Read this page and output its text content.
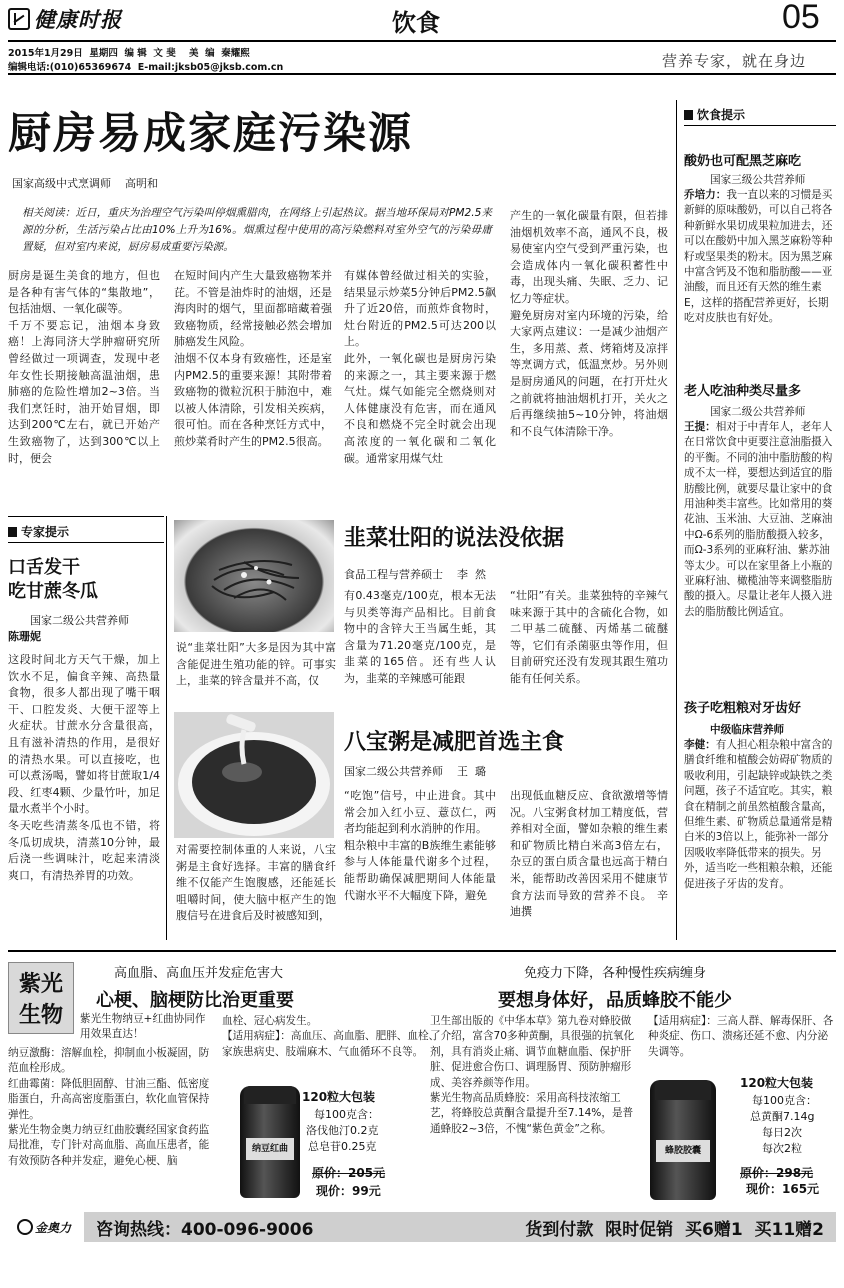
健康时报	饮食	05
2015年1月29日  星期四  编 辑  文 斐    美  编  秦耀熙
编辑电话:(010)65369674  E-mail:jksb05@jksb.com.cn	营养专家，就在身边
厨房易成家庭污染源
国家高级中式烹调师    高明和
相关阅读：近日，重庆为治理空气污染叫停烟熏腊肉，在网络上引起热议。据当地环保局对PM2.5来源的分析，生活污染占比由10%上升为16%。烟熏过程中使用的高污染燃料对室外空气的污染毋庸置疑，但对室内来说，厨房易成重要污染源。
厨房是诞生美食的地方，但也是各种有害气体的“集散地”，包括油烟、一氧化碳等。
千万不要忘记，油烟本身致癌！上海同济大学肿瘤研究所曾经做过一项调查，发现中老年女性长期接触高温油烟，患肺癌的危险性增加2~3倍。当我们烹饪时，油开始冒烟，即达到200℃左右，就已开始产生致癌物了，达到300℃以上时，便会
在短时间内产生大量致癌物苯并芘。不管是油炸时的油烟，还是海肉时的烟气，里面都暗藏着强致癌物质，经常接触必然会增加肺癌发生风险。
油烟不仅本身有致癌性，还是室内PM2.5的重要来源！其附带着致癌物的微粒沉积于肺泡中，难以被人体清除，引发相关疾病，很可怕。而在各种烹饪方式中，煎炒菜肴时产生的PM2.5很高。
有媒体曾经做过相关的实验，结果显示炒菜5分钟后PM2.5飙升了近20倍，而煎炸食物时，灶台附近的PM2.5可达200以上。
此外，一氧化碳也是厨房污染的来源之一，其主要来源于燃气灶。煤气如能完全燃烧则对人体健康没有危害，而在通风不良和燃烧不完全时就会出现高浓度的一氧化碳和二氧化碳。通常家用煤气灶
产生的一氧化碳量有限，但若排油烟机效率不高，通风不良，极易使室内空气受到严重污染，也会造成体内一氧化碳积蓄性中毒，出现头痛、失眠、乏力、记忆力等症状。
避免厨房对室内环境的污染，给大家两点建议：一是减少油烟产生，多用蒸、煮、烤箱烤及凉拌等烹调方式，低温烹炒。另外则是厨房通风的问题，在打开灶火之前就将抽油烟机打开，关火之后再继续抽5~10分钟，将油烟和不良气体清除干净。
专家提示
口舌发干
吃甘蔗冬瓜
国家二级公共营养师
陈珊妮
这段时间北方天气干燥，加上饮水不足，偏食辛辣、高热量食物，很多人都出现了嘴干咽干、口腔发炎、大便干涩等上火症状。甘蔗水分含量很高，且有滋补清热的作用，是很好的清热水果。可以直接吃，也可以煮汤喝，譬如将甘蔗取1/4段、红枣4颗、少量竹叶，加足量水煮半个小时。
冬天吃些清蒸冬瓜也不错，将冬瓜切成块，清蒸10分钟，最后浇一些调味汁，吃起来清淡爽口，有清热养胃的功效。
说“韭菜壮阳”大多是因为其中富含能促进生殖功能的锌。可事实上，韭菜的锌含量并不高，仅
韭菜壮阳的说法没依据
食品工程与营养硕士    李  然
有0.43毫克/100克，根本无法与贝类等海产品相比。目前食物中的含锌大王当属生蚝，其含量为71.20毫克/100克，是韭菜的165倍。还有些人认为，韭菜的辛辣感可能跟
“壮阳”有关。韭菜独特的辛辣气味来源于其中的含硫化合物，如二甲基二硫醚、丙烯基二硫醚等，它们有杀菌驱虫等作用，但目前研究还没有发现其跟生殖功能有任何关系。
对需要控制体重的人来说，八宝粥是主食好选择。丰富的膳食纤维不仅能产生饱腹感，还能延长咀嚼时间，使大脑中枢产生的饱腹信号在进食后及时被感知到，
八宝粥是减肥首选主食
国家二级公共营养师    王  璐
“吃饱”信号，中止进食。其中常会加入红小豆、薏苡仁，两者均能起到利水消肿的作用。
粗杂粮中丰富的B族维生素能够参与人体能量代谢多个过程，能帮助确保减肥期间人体能量代谢水平不大幅度下降，避免
出现低血糖反应、食欲激增等情况。八宝粥食材加工精度低，营养相对全面，譬如杂粮的维生素和矿物质比精白米高3倍左右，杂豆的蛋白质含量也远高于精白米，能帮助改善因采用不健康节食方法而导致的营养不良。 辛 迪撰
饮食提示
酸奶也可配黑芝麻吃
国家三级公共营养师
乔培力：我一直以来的习惯是买新鲜的原味酸奶，可以自己将各种新鲜水果切成果粒加进去，还可以在酸奶中加入黑芝麻粉等种籽或坚果类的粉末。因为黑芝麻中富含钙及不饱和脂肪酸——亚油酸，而且还有天然的维生素E，这样的搭配营养更好，长期吃对皮肤也有好处。
老人吃油种类尽量多
国家二级公共营养师
王提：相对于中青年人，老年人在日常饮食中更要注意油脂摄入的平衡。不同的油中脂肪酸的构成不太一样，要想达到适宜的脂肪酸比例，就要尽量让家中的食用油种类丰富些。比如常用的葵花油、玉米油、大豆油、芝麻油中Ω-6系列的脂肪酸摄入较多，而Ω-3系列的亚麻籽油、紫苏油等太少。可以在家里备上小瓶的亚麻籽油、橄榄油等来调整脂肪酸的摄入。尽量让老年人摄入进去的脂肪酸比例适宜。
孩子吃粗粮对牙齿好
中级临床营养师
李健：有人担心粗杂粮中富含的膳食纤维和植酸会妨碍矿物质的吸收利用，引起缺锌或缺铁之类问题，孩子不适宜吃。其实，粮食在精制之前虽然植酸含量高，但维生素、矿物质总量通常是精白米的3倍以上，能弥补一部分因吸收率降低带来的损失。另外，适当吃一些粗粮杂粮，还能促进孩子牙齿的发育。
紫光
生物
高血脂、高血压并发症危害大
心梗、脑梗防比治更重要
紫光生物纳豆+红曲协同作用效果直达！
纳豆激酶：溶解血栓，抑制血小板凝固，防范血栓形成。
红曲霉菌：降低胆固醇、甘油三酯、低密度脂蛋白，升高高密度脂蛋白，软化血管保持弹性。
紫光生物金奥力纳豆红曲胶囊经国家食药监局批准，专门针对高血脂、高血压患者，能有效预防各种并发症，避免心梗、脑
血栓、冠心病发生。
【适用病症】：高血压、高血脂、肥胖、血栓、家族患病史、肢端麻木、气血循环不良等。
纳豆红曲
120粒大包装
每100克含：
洛伐他汀0.2克
总皂苷0.25克
原价：205元
现价：99元
免疫力下降，各种慢性疾病缠身
要想身体好，品质蜂胶不能少
卫生部出版的《中华本草》第九卷对蜂胶做了介绍，富含70多种黄酮，具很强的抗氧化剂，具有消炎止痛、调节血糖血脂、保护肝脏、促进愈合伤口、调理肠胃、预防肿瘤形成、美容养颜等作用。
紫光生物高品质蜂胶：采用高科技浓缩工艺，将蜂胶总黄酮含量提升至7.14%，是普通蜂胶2~3倍，不愧“紫色黄金”之称。
【适用病症】：三高人群、解毒保肝、各种炎症、伤口、溃疡还延不愈、内分泌失调等。
蜂胶胶囊
120粒大包装
每100克含：
总黄酮7.14g
每日2次
每次2粒
原价：298元
现价：165元
金奥力 咨询热线：400-096-9006	货到付款  限时促销  买6赠1  买11赠2
